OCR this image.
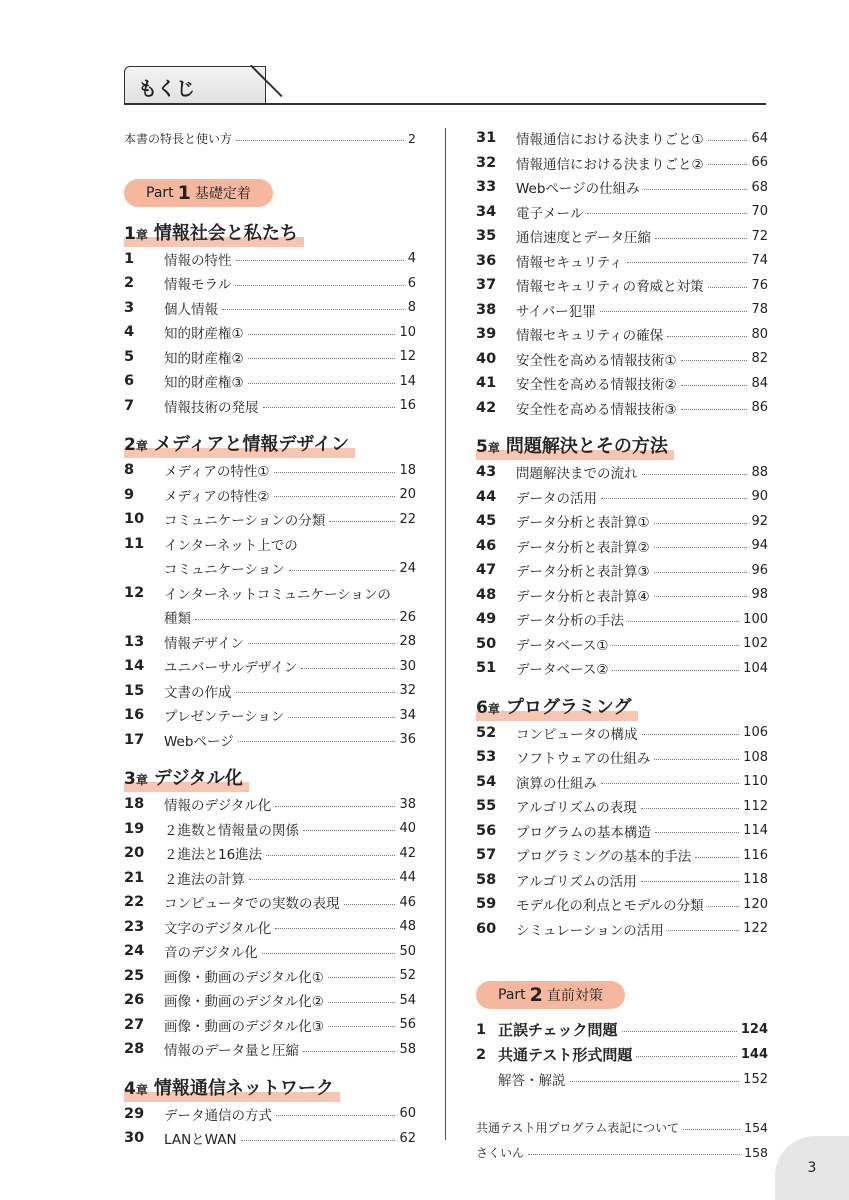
もくじ
本書の特長と使い方	2
Part 1 基礎定着
1章 情報社会と私たち
1	情報の特性	4
2	情報モラル	6
3	個人情報	8
4	知的財産権①	10
5	知的財産権②	12
6	知的財産権③	14
7	情報技術の発展	16
2章 メディアと情報デザイン
8	メディアの特性①	18
9	メディアの特性②	20
10	コミュニケーションの分類	22
11	インターネット上での
コミュニケーション	24
12	インターネットコミュニケーションの
種類	26
13	情報デザイン	28
14	ユニバーサルデザイン	30
15	文書の作成	32
16	プレゼンテーション	34
17	Webページ	36
3章 デジタル化
18	情報のデジタル化	38
19	２進数と情報量の関係	40
20	２進法と16進法	42
21	２進法の計算	44
22	コンピュータでの実数の表現	46
23	文字のデジタル化	48
24	音のデジタル化	50
25	画像・動画のデジタル化①	52
26	画像・動画のデジタル化②	54
27	画像・動画のデジタル化③	56
28	情報のデータ量と圧縮	58
4章 情報通信ネットワーク
29	データ通信の方式	60
30	LANとWAN	62
31	情報通信における決まりごと①	64
32	情報通信における決まりごと②	66
33	Webページの仕組み	68
34	電子メール	70
35	通信速度とデータ圧縮	72
36	情報セキュリティ	74
37	情報セキュリティの脅威と対策	76
38	サイバー犯罪	78
39	情報セキュリティの確保	80
40	安全性を高める情報技術①	82
41	安全性を高める情報技術②	84
42	安全性を高める情報技術③	86
5章 問題解決とその方法
43	問題解決までの流れ	88
44	データの活用	90
45	データ分析と表計算①	92
46	データ分析と表計算②	94
47	データ分析と表計算③	96
48	データ分析と表計算④	98
49	データ分析の手法	100
50	データベース①	102
51	データベース②	104
6章 プログラミング
52	コンピュータの構成	106
53	ソフトウェアの仕組み	108
54	演算の仕組み	110
55	アルゴリズムの表現	112
56	プログラムの基本構造	114
57	プログラミングの基本的手法	116
58	アルゴリズムの活用	118
59	モデル化の利点とモデルの分類	120
60	シミュレーションの活用	122
Part 2 直前対策
1 正誤チェック問題	124
2 共通テスト形式問題	144
解答・解説	152
共通テスト用プログラム表記について	154
さくいん	158
3
